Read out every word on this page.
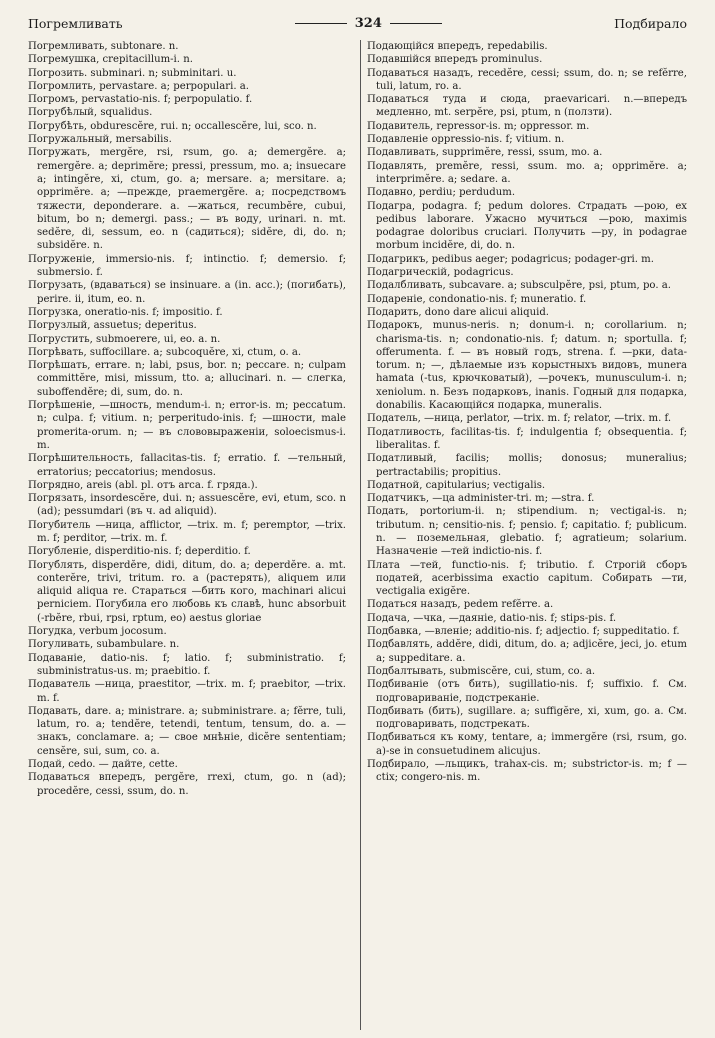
Погремливать	324	Подбирало

Погремливать, subtonare. n.

Погремушка, crepitacillum-i. n.

Погрозить. subminari. n; subminitari. u.

Погромлить, pervastare. a; perpopulari. a.

Погромъ, pervastatio-nis. f; perpopulatio. f.

Погрубѣлый, squalidus.

Погрубѣть, obdurescĕre, rui. n; occallescĕre, lui, sco. n.

Погружальный, mersabilis.

Погружать, mergĕre, rsi, rsum, go. a; demergĕre. a; remergĕre. a; deprimĕre; pressi, pressum, mo. a; insuecare a; intingĕre, xi, ctum, go. a; mersare. a; mersitare. a; opprimĕre. a; —прежде, praemergĕre. a; посредствомъ тяжести, deponderare. a. —жаться, recumbĕre, cubui, bitum, bo n; demergi. pass.; — въ воду, urinari. n. mt. sedĕre, di, sessum, eo. n (садиться); sidĕre, di, do. n; subsidĕre. n.

Погруженіе, immersio-nis. f; intinctio. f; demersio. f; submersio. f.

Погрузать, (вдаваться) se insinuare. a (in. acc.); (погибать), perire. ii, itum, eo. n.

Погрузка, oneratio-nis. f; impositio. f.

Погрузлый, assuetus; deperitus.

Погрустить, submoerere, ui, eo. a. n.

Погрѣвать, suffocillare. a; subcoquĕre, xi, ctum, o. a.

Погрѣшать, errare. n; labi, psus, bor. n; peccare. n; culpam committĕre, misi, missum, tto. a; allucinari. n. — слегка, suboffendĕre; di, sum, do. n.

Погрѣшеніе, —шность, mendum-i. n; error-is. m; peccatum. n; culpa. f; vitium. n; perperitudo-inis. f; —шности, male promerita-orum. n; — въ слововыраженіи, soloecismus-i. m.

Погрѣшительность, fallacitas-tis. f; erratio. f. —тельный, erratorius; peccatorius; mendosus.

Погрядно, areis (abl. pl. отъ arca. f. гряда.).

Погрязать, insordescĕre, dui. n; assuescĕre, evi, etum, sco. n (ad); pessumdari (въ ч. ad aliquid).

Погубитель —ница, afflictor, —trix. m. f; peremptor, —trix. m. f; perditor, —trix. m. f.

Погубленіе, disperditio-nis. f; deperditio. f.

Погублять, disperdĕre, didi, ditum, do. a; deperdĕre. a. mt. conterĕre, trivi, tritum. ro. a (растерять), aliquem или aliquid aliqua re. Стараться —бить кого, machinari alicui perniciem. Погубила его любовь къ славѣ, hunc absorbuit (-rbĕre, rbui, rpsi, rptum, eo) aestus gloriae

Погудка, verbum jocosum.

Погуливать, subambulare. n.

Подаваніе, datio-nis. f; latio. f; subministratio. f; subministratus-us. m; praebitio. f.

Подаватель —ница, praestitor, —trix. m. f; praebitor, —trix. m. f.

Подавать, dare. a; ministrare. a; subministrare. a; fĕrre, tuli, latum, ro. a; tendĕre, tetendi, tentum, tensum, do. a. — знакъ, conclamare. a; — свое мнѣніе, dicĕre sententiam; censĕre, sui, sum, co. a.

Подай, cedo. — дайте, cette.

Подаваться впередъ, pergĕre, rrexi, ctum, go. n (ad); procedĕre, cessi, ssum, do. n.

Подающійся впередъ, repedabilis.

Подавшійся впередъ prominulus.

Подаваться назадъ, recedĕre, cessi; ssum, do. n; se refĕrre, tuli, latum, ro. a.

Подаваться туда и сюда, praevaricari. n.—впередъ медленно, mt. serpĕre, psi, ptum, n (ползти).

Подавитель, repressor-is. m; oppressor. m.

Подавленіе oppressio-nis. f; vitium. n.

Подавливать, supprimĕre, ressi, ssum, mo. a.

Подавлять, premĕre, ressi, ssum. mo. a; opprimĕre. a; interprimĕre. a; sedare. a.

Подавно, perdiu; perdudum.

Подагра, podagra. f; pedum dolores. Страдать —рою, ex pedibus laborare. Ужасно мучиться —рою, maximis podagrae doloribus cruciari. Получить —ру, in podagrae morbum incidĕre, di, do. n.

Подагрикъ, pedibus aeger; podagricus; podager-gri. m.

Подагрическій, podagricus.

Подалбливать, subcavare. a; subsculpĕre, psi, ptum, po. a.

Подареніе, condonatio-nis. f; muneratio. f.

Подарить, dono dare alicui aliquid.

Подарокъ, munus-neris. n; donum-i. n; corollarium. n; charisma-tis. n; condonatio-nis. f; datum. n; sportulla. f; offerumenta. f. — въ новый годъ, strena. f. —рки, data-torum. n; —, дѣлаемые изъ корыстныхъ видовъ, munera hamata (-tus, крючковатый), —рочекъ, munusculum-i. n; xeniolum. n. Безъ подарковъ, inanis. Годный для подарка, donabilis. Касающійся подарка, muneralis.

Податель, —ница, perlator, —trix. m. f; relator, —trix. m. f.

Податливость, facilitas-tis. f; indulgentia f; obsequentia. f; liberalitas. f.

Податливый, facilis; mollis; donosus; muneralius; pertractabilis; propitius.

Податной, capitularius; vectigalis.

Податчикъ, —ца administer-tri. m; —stra. f.

Подать, portorium-ii. n; stipendium. n; vectigal-is. n; tributum. n; censitio-nis. f; pensio. f; capitatio. f; publicum. n. — поземельная, glebatio. f; agratieum; solarium. Назначеніе —тей indictio-nis. f.

Плата —тей, functio-nis. f; tributio. f. Строгій сборъ податей, acerbissima exactio capitum. Собирать —ти, vectigalia exigĕre.

Податься назадъ, pedem refĕrre. a.

Подача, —чка, —даяніе, datio-nis. f; stips-pis. f.

Подбавка, —вленіе; additio-nis. f; adjectio. f; suppeditatio. f.

Подбавлять, addĕre, didi, ditum, do. a; adjicĕre, jeci, jo. etum a; suppeditare. a.

Подбалтывать, submiscĕre, cui, stum, co. a.

Подбиваніе (отъ бить), sugillatio-nis. f; suffixio. f. См. подговариваніе, подстреканіе.

Подбивать (бить), sugillare. a; suffigĕre, xi, xum, go. a. См. подговаривать, подстрекать.

Подбиваться къ кому, tentare, a; immergĕre (rsi, rsum, go. a)-se in consuetudinem alicujus.

Подбирало, —льщикъ, trahax-cis. m; substrictor-is. m; f —ctix; congero-nis. m.
